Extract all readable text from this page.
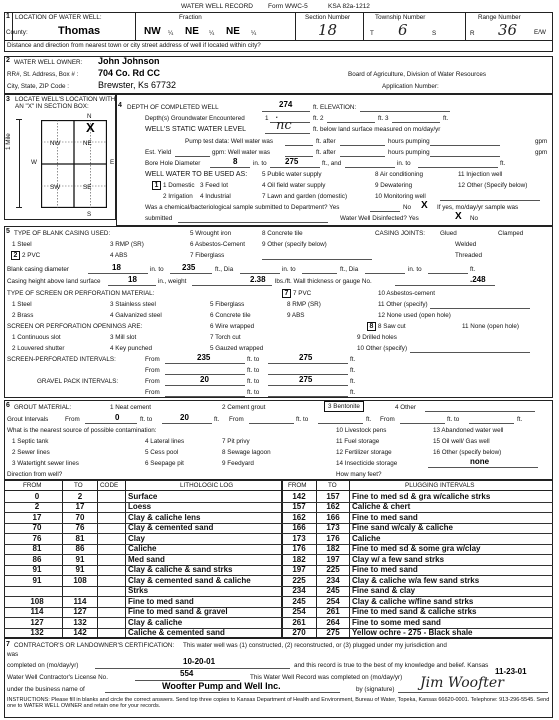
WATER WELL RECORD Form WWC-5	KSA 82a-1212
1 LOCATION OF WATER WELL:
County:	Thomas
Fraction
NW ¼ NE ¼ NE ¼
Section Number
18
Township Number
T 6	S
Range Number
R 36	E/W
Distance and direction from nearest town or city street address of well if located within city?
2 WATER WELL OWNER: John Johnson
RR#, St. Address, Box # : 704 Co. Rd CC
City, State, ZIP Code :	Brewster, Ks 67732
Board of Agriculture, Division of Water Resources
Application Number:
3 LOCATE WELL'S LOCATION WITH
AN "X" IN SECTION BOX:
N
S
W	E
1 Mile	NW	NE
SW	SE
X
4 DEPTH OF COMPLETED WELL	274	ft. ELEVATION:
Depth(s) Groundwater Encountered	1 .	ft. 2	ft. 3	ft.
WELL'S STATIC WATER LEVEL nc	ft. below land surface measured on mo/day/yr
Pump test data: Well water was	ft. after	hours pumping	gpm
Est. Yield	gpm: Well water was	ft. after	hours pumping	gpm
Bore Hole Diameter	8 in. to 275	ft., and	in. to	ft.
WELL WATER TO BE USED AS: 5 Public water supply	8 Air conditioning	11 Injection well
1 1 Domestic 3 Feed lot	4 Oil field water supply	9 Dewatering	12 Other (Specify below)
2 Irrigation 4 Industrial	7 Lawn and garden (domestic)	10 Monitoring well
Was a chemical/bacteriological sample submitted to Department? Yes	No X If yes, mo/day/yr sample was
submitted	Water Well Disinfected? Yes	X No
5 TYPE OF BLANK CASING USED:	5 Wrought iron	8 Concrete tile	CASING JOINTS: Glued	Clamped
1 Steel	3 RMP (SR)	6 Asbestos-Cement	9 Other (specify below)	Welded
2 2 PVC	4 ABS	7 Fiberglass	Threaded
Blank casing diameter	18	in. to 235	ft., Dia	in. to	ft., Dia	in. to	ft.
Casing height above land surface	18	in., weight	2.38 lbs./ft. Wall thickness or gauge No.	.248
TYPE OF SCREEN OR PERFORATION MATERIAL:	7 7 PVC	10 Asbestos-cement
1 Steel	3 Stainless steel	5 Fiberglass	8 RMP (SR)	11 Other (specify)
2 Brass	4 Galvanized steel	6 Concrete tile	9 ABS	12 None used (open hole)
SCREEN OR PERFORATION OPENINGS ARE:	6 Wire wrapped	8 8 Saw cut	11 None (open hole)
1 Continuous slot	3 Mill slot	7 Torch cut	9 Drilled holes
2 Louvered shutter	4 Key punched	5 Gauzed wrapped	10 Other (specify)
SCREEN-PERFORATED INTERVALS:	From	235	ft. to	275	ft.
From	ft. to	ft.
GRAVEL PACK INTERVALS:	From	20	ft. to	275	ft.
From	ft. to	ft.
6 GROUT MATERIAL:	1 Neat cement	2 Cement grout	3 Bentonite	4 Other
Grout Intervals	From	0	ft. to	20	ft. From	ft. to	ft. From	ft. to	ft.
What is the nearest source of possible contamination:	10 Livestock pens	13 Abandoned water well
1 Septic tank	4 Lateral lines	7 Pit privy	11 Fuel storage	15 Oil well/ Gas well
2 Sewer lines	5 Cess pool	8 Sewage lagoon	12 Fertilizer storage	16 Other (specify below)
3 Watertight sewer lines	6 Seepage pit	9 Feedyard	14 Insecticide storage	none
Direction from well?	How many feet?
FROM	TO	CODE	LITHOLOGIC LOG	FROM	TO	PLUGGING INTERVALS
0	2	Surface	142	157	Fine to med sd & gra w/caliche strks
2	17	Loess	157	162	Caliche & chert
17	70	Clay & caliche lens	162	166	Fine to med sand
70	76	Clay & cemented sand	166	173	Fine sand w/caly & caliche
76	81	Clay	173	176	Caliche
81	86	Caliche	176	182	Fine to med sd & some gra w/clay
86	91	Med sand	182	197	Clay w/ a few sand strks
91	91	Clay & caliche & sand strks	197	225	Fine to med sand
91	108	Clay & cemented sand & caliche	225	234	Clay & caliche w/a few sand strks
Strks	234	245	Fine sand & clay
108	114	Fine to med sand	245	254	Clay & caliche w/fine sand strks
114	127	Fine to med sand & gravel	254	261	Fine to med sand & caliche strks
127	132	Clay & caliche	261	264	Fine to some med sand
132	142	Caliche & cemented sand	270	275	Yellow ochre - 275 - Black shale
7 CONTRACTOR'S OR LANDOWNER'S CERTIFICATION: This water well was (1) constructed, (2) reconstructed, or (3) plugged under my jurisdiction and
was
completed on (mo/day/yr)	10-20-01	and this record is true to the best of my knowledge and belief. Kansas
Water Well Contractor's License No.	554	This Water Well Record was completed on (mo/day/yr)
11-23-01
under the business name of	Woofter Pump and Well Inc.	by (signature) Jim Woofter
INSTRUCTIONS: Please fill in blanks and circle the correct answers. Send top three copies to Kansas Department of Health and Environment, Bureau of Water, Topeka, Kansas 66620-0001. Telephone: 913-296-5545. Send one to WATER WELL OWNER and retain one for your records.
